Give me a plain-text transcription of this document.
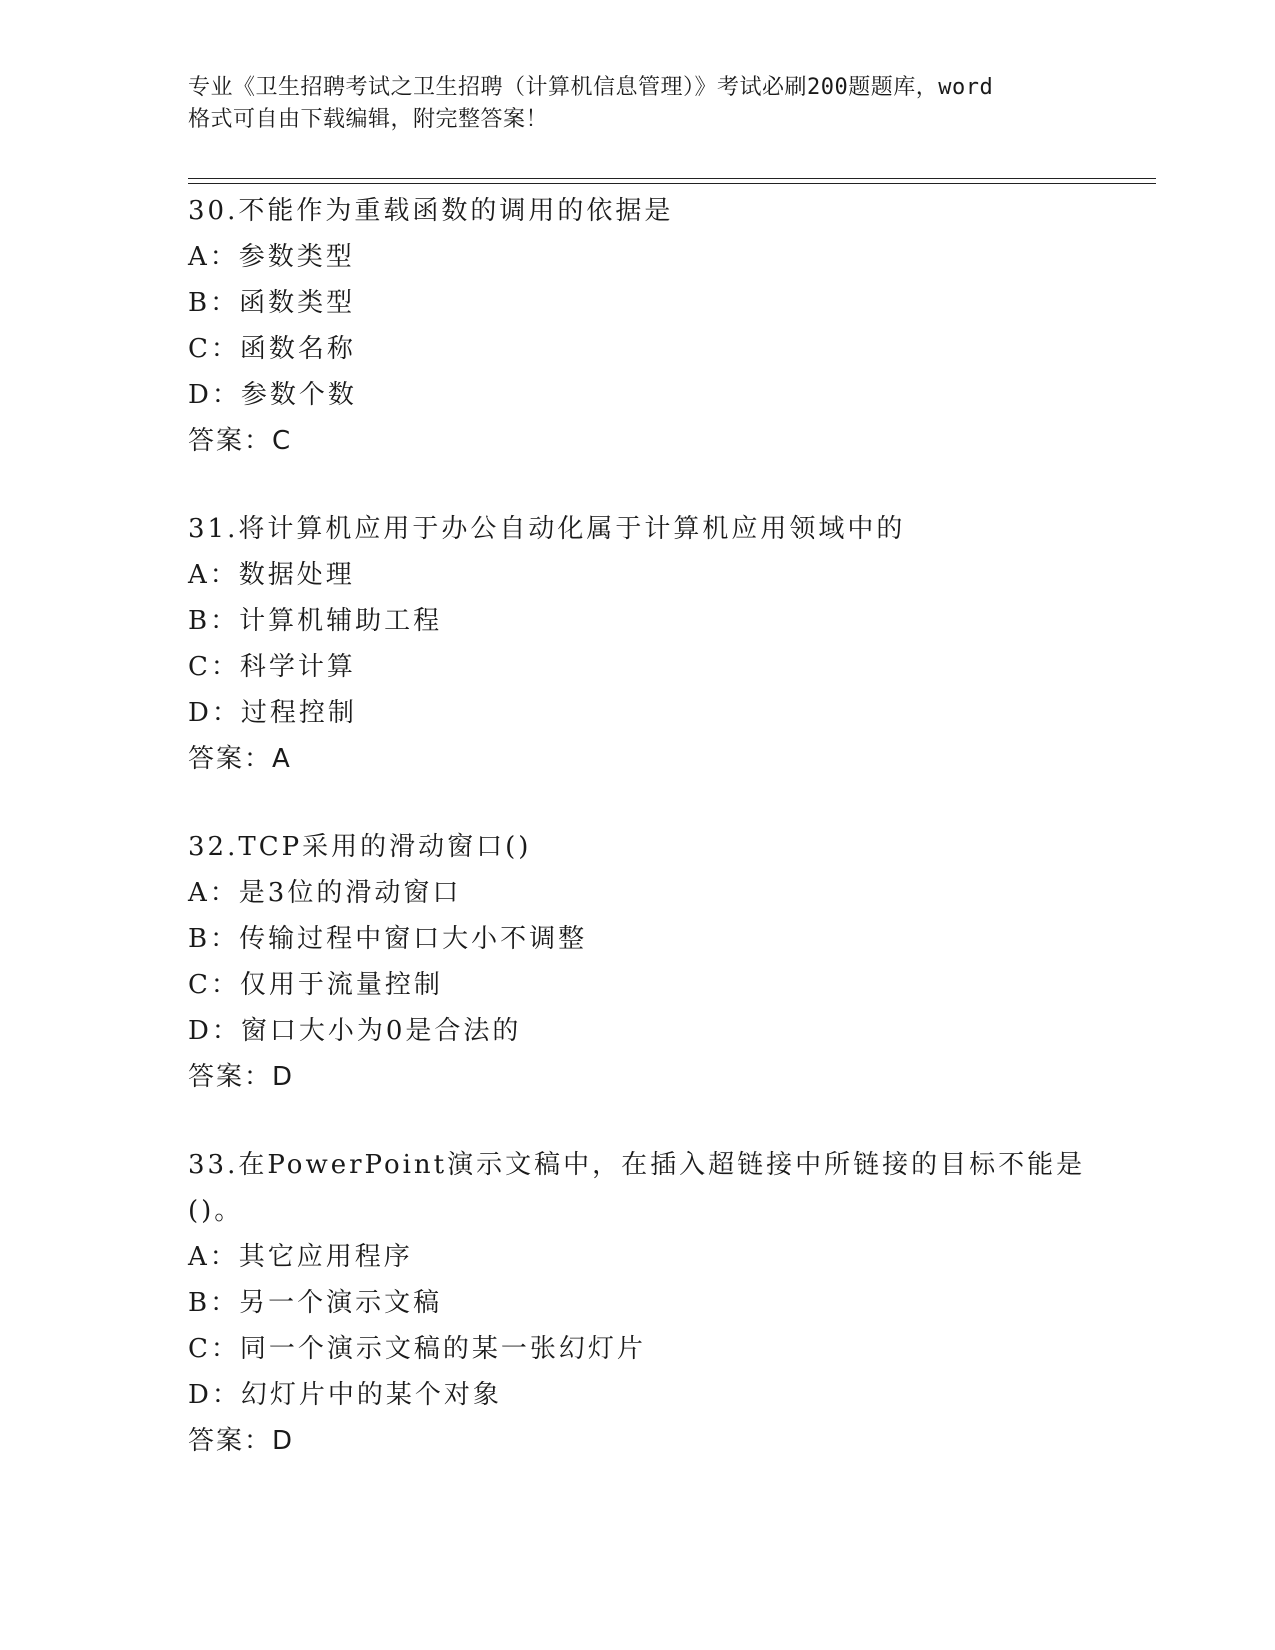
专业《卫生招聘考试之卫生招聘（计算机信息管理）》考试必刷200题题库，word
格式可自由下载编辑，附完整答案！
30.不能作为重载函数的调用的依据是
A：参数类型
B：函数类型
C：函数名称
D：参数个数
答案：C
31.将计算机应用于办公自动化属于计算机应用领域中的
A：数据处理
B：计算机辅助工程
C：科学计算
D：过程控制
答案：A
32.TCP采用的滑动窗口()
A：是3位的滑动窗口
B：传输过程中窗口大小不调整
C：仅用于流量控制
D：窗口大小为0是合法的
答案：D
33.在PowerPoint演示文稿中，在插入超链接中所链接的目标不能是
()。
A：其它应用程序
B：另一个演示文稿
C：同一个演示文稿的某一张幻灯片
D：幻灯片中的某个对象
答案：D
